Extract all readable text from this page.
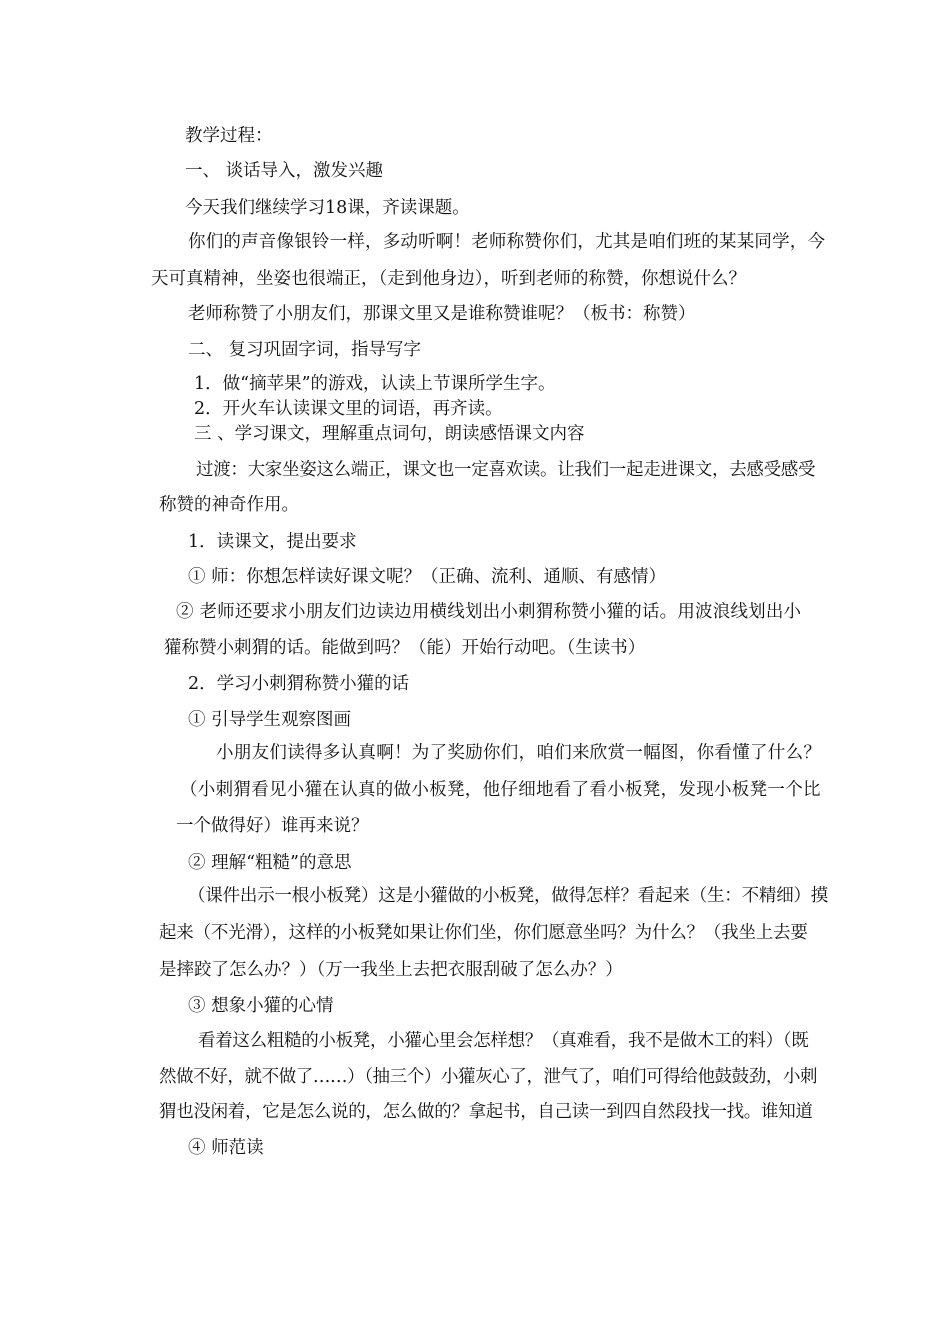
教学过程：
一、 谈话导入，激发兴趣
今天我们继续学习18课，齐读课题。
你们的声音像银铃一样，多动听啊！老师称赞你们，尤其是咱们班的某某同学，今
天可真精神，坐姿也很端正，（走到他身边），听到老师的称赞，你想说什么？
老师称赞了小朋友们，那课文里又是谁称赞谁呢？（板书：称赞）
二、 复习巩固字词，指导写字
1．做“摘苹果”的游戏，认读上节课所学生字。
2．开火车认读课文里的词语，再齐读。
三 、学习课文，理解重点词句，朗读感悟课文内容
过渡：大家坐姿这么端正，课文也一定喜欢读。让我们一起走进课文，去感受感受
称赞的神奇作用。
1．读课文，提出要求
① 师：你想怎样读好课文呢？（正确、流利、通顺、有感情）
② 老师还要求小朋友们边读边用横线划出小刺猬称赞小獾的话。用波浪线划出小
獾称赞小刺猬的话。能做到吗？（能）开始行动吧。（生读书）
2．学习小刺猬称赞小獾的话
① 引导学生观察图画
小朋友们读得多认真啊！为了奖励你们，咱们来欣赏一幅图，你看懂了什么？
（小刺猬看见小獾在认真的做小板凳，他仔细地看了看小板凳，发现小板凳一个比
一个做得好）谁再来说？
② 理解“粗糙”的意思
（课件出示一根小板凳）这是小獾做的小板凳，做得怎样？看起来（生：不精细）摸
起来（不光滑），这样的小板凳如果让你们坐，你们愿意坐吗？为什么？（我坐上去要
是摔跤了怎么办？）（万一我坐上去把衣服刮破了怎么办？）
③ 想象小獾的心情
看着这么粗糙的小板凳，小獾心里会怎样想？（真难看，我不是做木工的料）（既
然做不好，就不做了……）（抽三个）小獾灰心了，泄气了，咱们可得给他鼓鼓劲，小刺
猬也没闲着，它是怎么说的，怎么做的？拿起书，自己读一到四自然段找一找。谁知道
④ 师范读
